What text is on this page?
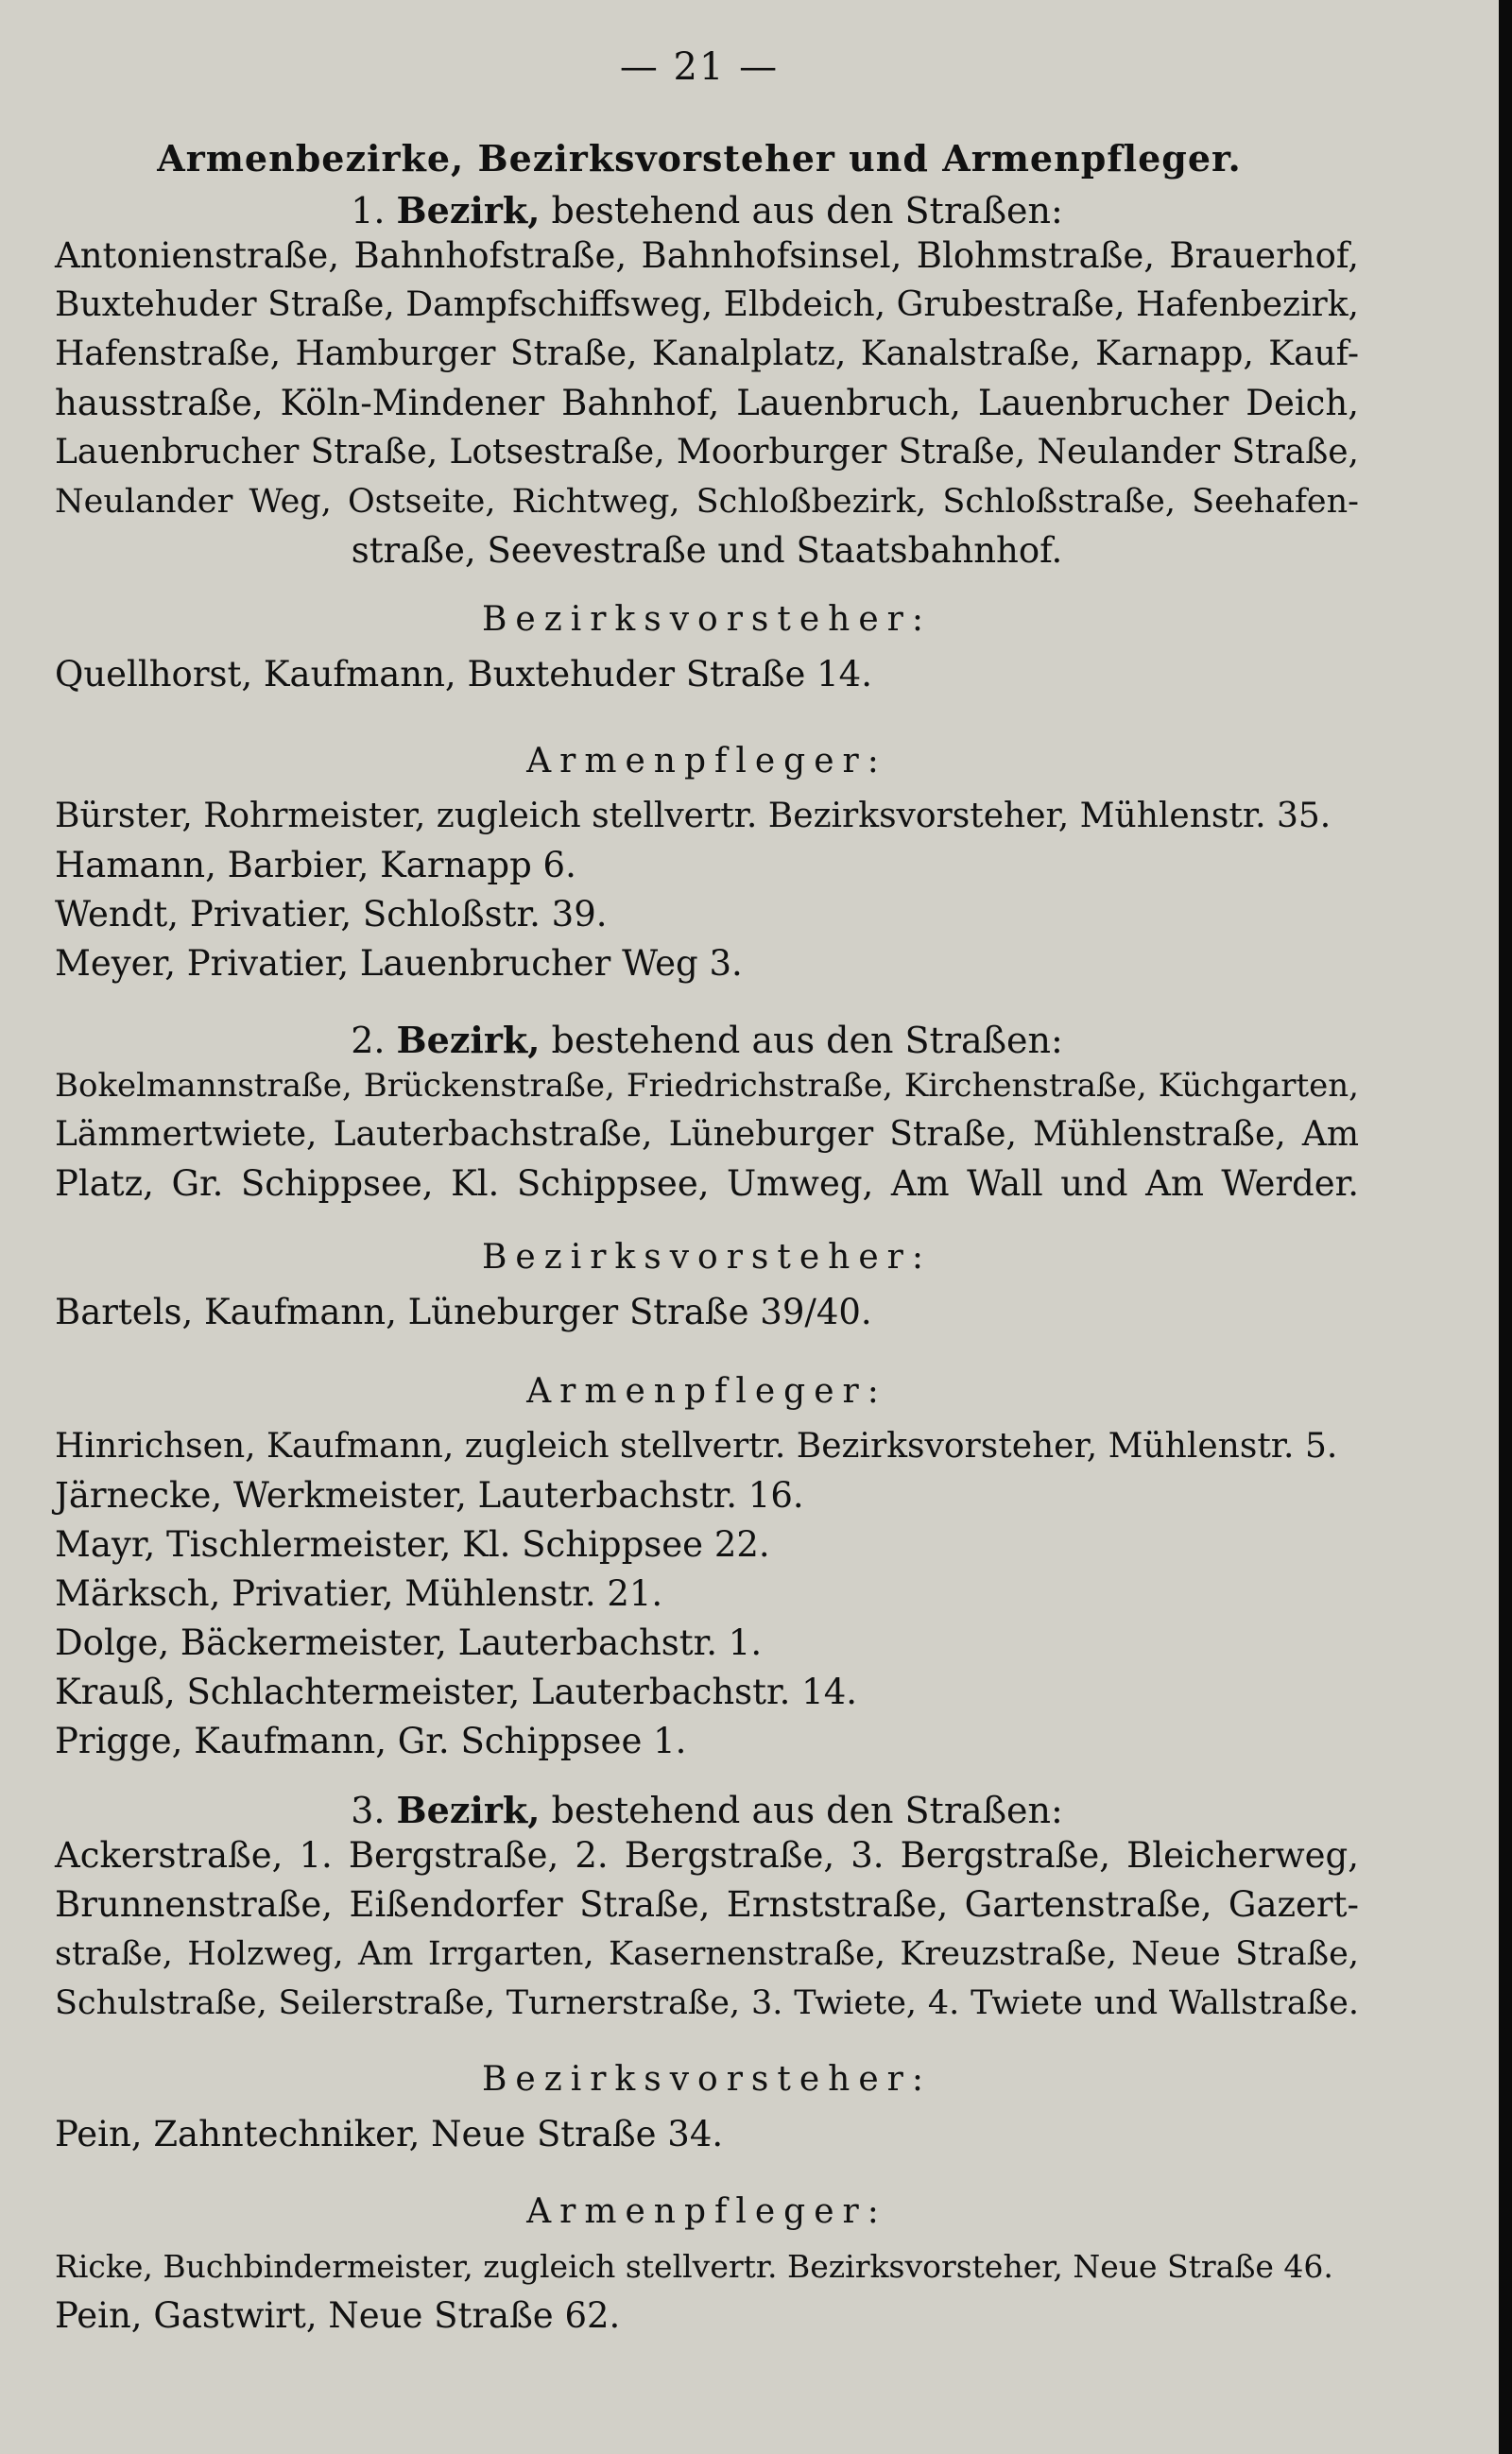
— 21 —
Armenbezirke, Bezirksvorsteher und Armenpfleger.
1. Bezirk, bestehend aus den Straßen:
Antonienstraße, Bahnhofstraße, Bahnhofsinsel, Blohmstraße, Brauerhof,
Buxtehuder Straße, Dampfschiffsweg, Elbdeich, Grubestraße, Hafenbezirk,
Hafenstraße, Hamburger Straße, Kanalplatz, Kanalstraße, Karnapp, Kauf-
hausstraße, Köln-Mindener Bahnhof, Lauenbruch, Lauenbrucher Deich,
Lauenbrucher Straße, Lotsestraße, Moorburger Straße, Neulander Straße,
Neulander Weg, Ostseite, Richtweg, Schloßbezirk, Schloßstraße, Seehafen-
straße, Seevestraße und Staatsbahnhof.
Bezirksvorsteher:
Quellhorst, Kaufmann, Buxtehuder Straße 14.
Armenpfleger:
Bürster, Rohrmeister, zugleich stellvertr. Bezirksvorsteher, Mühlenstr. 35.
Hamann, Barbier, Karnapp 6.
Wendt, Privatier, Schloßstr. 39.
Meyer, Privatier, Lauenbrucher Weg 3.
2. Bezirk, bestehend aus den Straßen:
Bokelmannstraße, Brückenstraße, Friedrichstraße, Kirchenstraße, Küchgarten,
Lämmertwiete, Lauterbachstraße, Lüneburger Straße, Mühlenstraße, Am
Platz, Gr. Schippsee, Kl. Schippsee, Umweg, Am Wall und Am Werder.
Bezirksvorsteher:
Bartels, Kaufmann, Lüneburger Straße 39/40.
Armenpfleger:
Hinrichsen, Kaufmann, zugleich stellvertr. Bezirksvorsteher, Mühlenstr. 5.
Järnecke, Werkmeister, Lauterbachstr. 16.
Mayr, Tischlermeister, Kl. Schippsee 22.
Märksch, Privatier, Mühlenstr. 21.
Dolge, Bäckermeister, Lauterbachstr. 1.
Krauß, Schlachtermeister, Lauterbachstr. 14.
Prigge, Kaufmann, Gr. Schippsee 1.
3. Bezirk, bestehend aus den Straßen:
Ackerstraße, 1. Bergstraße, 2. Bergstraße, 3. Bergstraße, Bleicherweg,
Brunnenstraße, Eißendorfer Straße, Ernststraße, Gartenstraße, Gazert-
straße, Holzweg, Am Irrgarten, Kasernenstraße, Kreuzstraße, Neue Straße,
Schulstraße, Seilerstraße, Turnerstraße, 3. Twiete, 4. Twiete und Wallstraße.
Bezirksvorsteher:
Pein, Zahntechniker, Neue Straße 34.
Armenpfleger:
Ricke, Buchbindermeister, zugleich stellvertr. Bezirksvorsteher, Neue Straße 46.
Pein, Gastwirt, Neue Straße 62.
